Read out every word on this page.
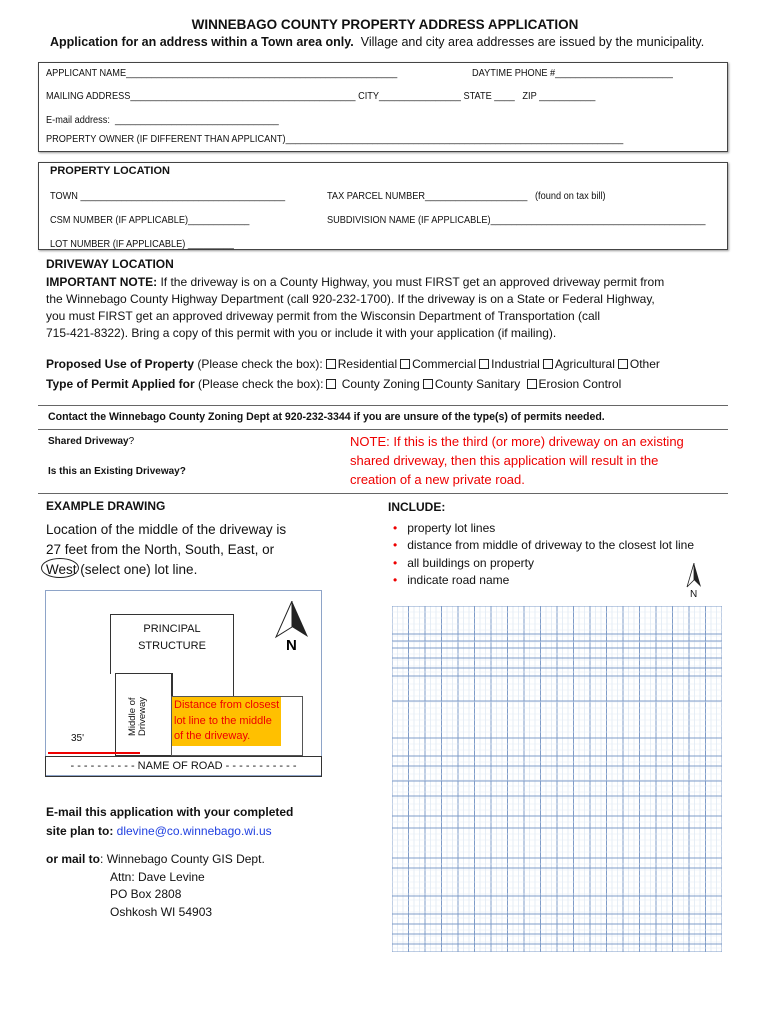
WINNEBAGO COUNTY PROPERTY ADDRESS APPLICATION
Application for an address within a Town area only. Village and city area addresses are issued by the municipality.
APPLICANT NAME_____________________________________________________	DAYTIME PHONE #_______________________
MAILING ADDRESS____________________________________________ CITY________________ STATE ____   ZIP ___________
E-mail address:  ________________________________
PROPERTY OWNER (IF DIFFERENT THAN APPLICANT)__________________________________________________________________
PROPERTY LOCATION
TOWN ________________________________________	TAX PARCEL NUMBER____________________   (found on tax bill)
CSM NUMBER (IF APPLICABLE)____________	SUBDIVISION NAME (IF APPLICABLE)__________________________________________
LOT NUMBER (IF APPLICABLE) _________
DRIVEWAY LOCATION
IMPORTANT NOTE: If the driveway is on a County Highway, you must FIRST get an approved driveway permit from
the Winnebago County Highway Department (call 920-232-1700). If the driveway is on a State or Federal Highway,
you must FIRST get an approved driveway permit from the Wisconsin Department of Transportation (call
715-421-8322). Bring a copy of this permit with you or include it with your application (if mailing).
Proposed Use of Property (Please check the box): Residential Commercial Industrial Agricultural Other
Type of Permit Applied for (Please check the box): County Zoning County Sanitary Erosion Control
Contact the Winnebago County Zoning Dept at 920-232-3344 if you are unsure of the type(s) of permits needed.
Shared Driveway?
Is this an Existing Driveway?
NOTE: If this is the third (or more) driveway on an existing
shared driveway, then this application will result in the
creation of a new private road.
EXAMPLE DRAWING
Location of the middle of the driveway is
27 feet from the North, South, East, or
West (select one) lot line.
INCLUDE:
• property lot lines
• distance from middle of driveway to the closest lot line
• all buildings on property
• indicate road name
N
PRINCIPAL
STRUCTURE
Middle of Driveway Distance from closest
lot line to the middle
of the driveway.
35'
N
- - - - - - - - - - NAME OF ROAD - - - - - - - - - - -
E-mail this application with your completed
site plan to: dlevine@co.winnebago.wi.us
or mail to: Winnebago County GIS Dept.
Attn: Dave Levine
PO Box 2808
Oshkosh WI 54903
